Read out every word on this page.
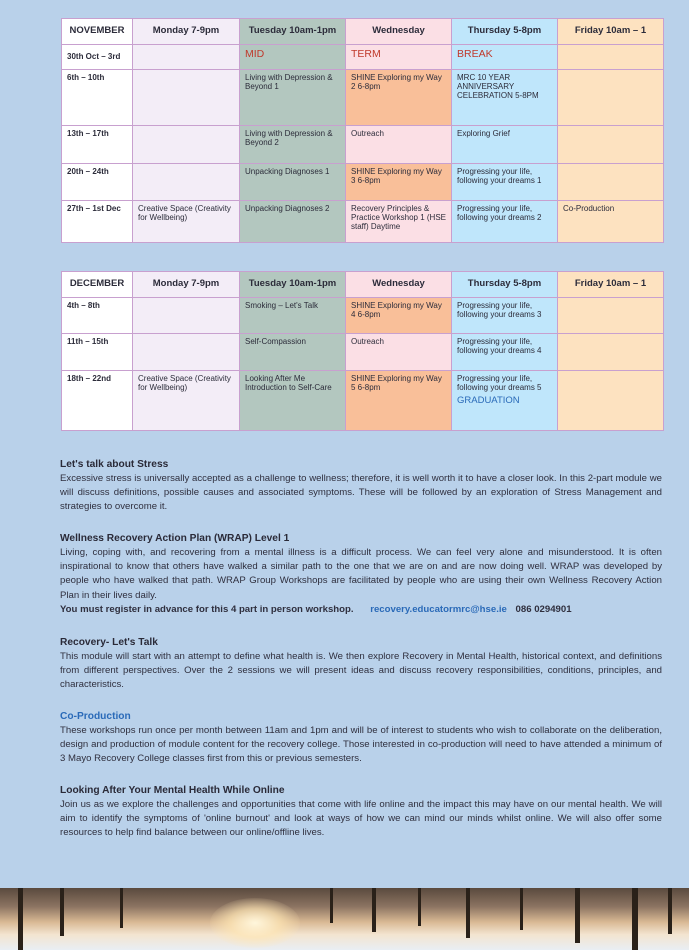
NOVEMBER	Monday 7-9pm	Tuesday 10am-1pm	Wednesday	Thursday 5-8pm	Friday 10am – 1
30th Oct – 3rd		MID	TERM	BREAK	
6th – 10th		Living with Depression & Beyond 1	SHINE Exploring my Way 2 6-8pm	MRC 10 YEAR ANNIVERSARY CELEBRATION 5-8PM	
13th – 17th		Living with Depression & Beyond 2	Outreach	Exploring Grief	
20th – 24th		Unpacking Diagnoses 1	SHINE Exploring my Way 3 6-8pm	Progressing your life, following your dreams 1	
27th – 1st Dec	Creative Space (Creativity for Wellbeing)	Unpacking Diagnoses 2	Recovery Principles & Practice Workshop 1 (HSE staff) Daytime	Progressing your life, following your dreams 2	Co-Production
DECEMBER	Monday 7-9pm	Tuesday 10am-1pm	Wednesday	Thursday 5-8pm	Friday 10am – 1
4th – 8th		Smoking – Let's Talk	SHINE Exploring my Way 4 6-8pm	Progressing your life, following your dreams 3	
11th – 15th		Self-Compassion	Outreach	Progressing your life, following your dreams 4	
18th – 22nd	Creative Space (Creativity for Wellbeing)	Looking After Me Introduction to Self-Care	SHINE Exploring my Way 5 6-8pm	Progressing your life, following your dreams 5
GRADUATION	

Let's talk about Stress

Excessive stress is universally accepted as a challenge to wellness; therefore, it is well worth it to have a closer look. In this 2-part module we will discuss definitions, possible causes and associated symptoms. These will be followed by an exploration of Stress Management and strategies to overcome it.

Wellness Recovery Action Plan (WRAP) Level 1

Living, coping with, and recovering from a mental illness is a difficult process. We can feel very alone and misunderstood. It is often inspirational to know that others have walked a similar path to the one that we are on and are now doing well. WRAP was developed by people who have walked that path. WRAP Group Workshops are facilitated by people who are using their own Wellness Recovery Action Plan in their lives daily.

You must register in advance for this 4 part in person workshop. recovery.educatormrc@hse.ie 086 0294901

Recovery- Let's Talk

This module will start with an attempt to define what health is. We then explore Recovery in Mental Health, historical context, and definitions from different perspectives. Over the 2 sessions we will present ideas and discuss recovery responsibilities, conditions, principles, and characteristics.

Co-Production

These workshops run once per month between 11am and 1pm and will be of interest to students who wish to collaborate on the deliberation, design and production of module content for the recovery college. Those interested in co-production will need to have attended a minimum of 3 Mayo Recovery College classes first from this or previous semesters.

Looking After Your Mental Health While Online

Join us as we explore the challenges and opportunities that come with life online and the impact this may have on our mental health. We will aim to identify the symptoms of 'online burnout' and look at ways of how we can mind our minds whilst online. We will also offer some resources to help find balance between our online/offline lives.
